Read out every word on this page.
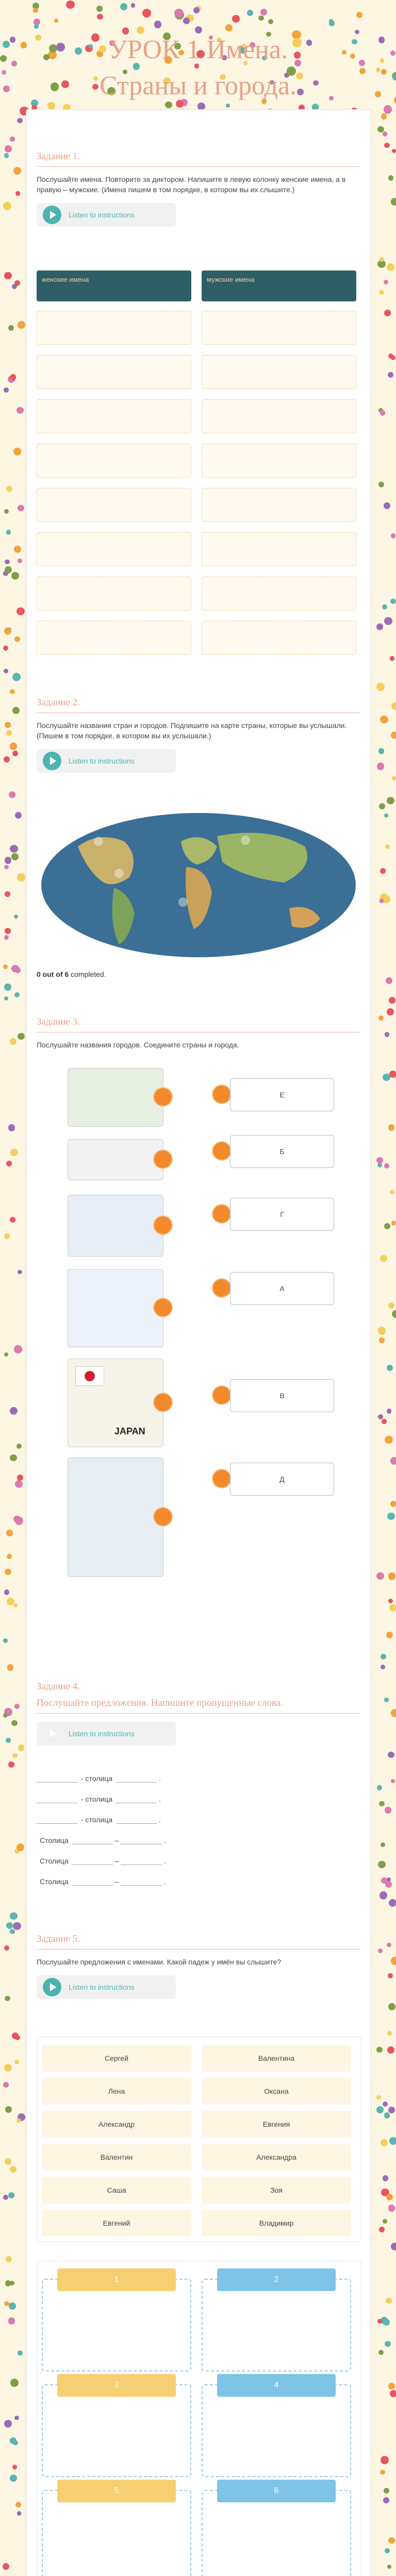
УРОК 1 Имена.
Страны и города.
Задание 1.
Послушайте имена. Повторите за диктором. Напишите в левую колонку женские имена, а в правую – мужские. (Имена пишем в том порядке, в котором вы их слышите.)
Listen to instructions
женские имена	мужские имена
Задание 2.
Послушайте названия стран и городов. Подпишите на карте страны, которые вы услышали. (Пишем в том порядке, в котором вы их услышали.)
Listen to instructions
0 out of 6 completed.
Задание 3.
Послушайте названия городов. Соедините страны и города.
Е
Б
Г
А
JAPAN
В
Д
Задание 4.
Послушайте предложения. Напишите пропущенные слова.
Listen to instructions
- столица	.
- столица	.
- столица	.
Столица	–	.
Столица	–	.
Столица	–	.
Задание 5.
Послушайте предложения с именами. Какой падеж у имён вы слышите?
Listen to instructions
Сергей	Валентина
Лена	Оксана
Александр	Евгения
Валентин	Александра
Саша	Зоя
Евгений	Владимир
1	2
3	4
5	6
